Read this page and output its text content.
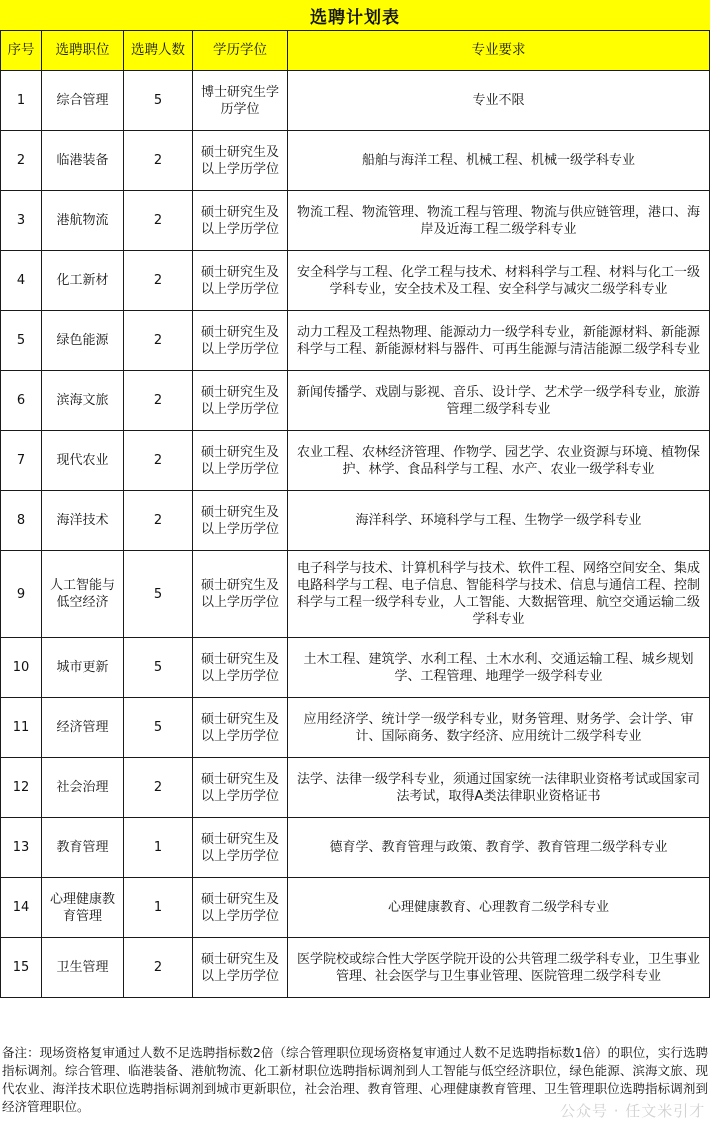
选聘计划表
序号	选聘职位	选聘人数	学历学位	专业要求
1	综合管理	5	博士研究生学历学位	专业不限
2	临港装备	2	硕士研究生及以上学历学位	船舶与海洋工程、机械工程、机械一级学科专业
3	港航物流	2	硕士研究生及以上学历学位	物流工程、物流管理、物流工程与管理、物流与供应链管理，港口、海岸及近海工程二级学科专业
4	化工新材	2	硕士研究生及以上学历学位	安全科学与工程、化学工程与技术、材料科学与工程、材料与化工一级学科专业，安全技术及工程、安全科学与减灾二级学科专业
5	绿色能源	2	硕士研究生及以上学历学位	动力工程及工程热物理、能源动力一级学科专业，新能源材料、新能源科学与工程、新能源材料与器件、可再生能源与清洁能源二级学科专业
6	滨海文旅	2	硕士研究生及以上学历学位	新闻传播学、戏剧与影视、音乐、设计学、艺术学一级学科专业，旅游管理二级学科专业
7	现代农业	2	硕士研究生及以上学历学位	农业工程、农林经济管理、作物学、园艺学、农业资源与环境、植物保护、林学、食品科学与工程、水产、农业一级学科专业
8	海洋技术	2	硕士研究生及以上学历学位	海洋科学、环境科学与工程、生物学一级学科专业
9	人工智能与低空经济	5	硕士研究生及以上学历学位	电子科学与技术、计算机科学与技术、软件工程、网络空间安全、集成电路科学与工程、电子信息、智能科学与技术、信息与通信工程、控制科学与工程一级学科专业，人工智能、大数据管理、航空交通运输二级学科专业
10	城市更新	5	硕士研究生及以上学历学位	土木工程、建筑学、水利工程、土木水利、交通运输工程、城乡规划学、工程管理、地理学一级学科专业
11	经济管理	5	硕士研究生及以上学历学位	应用经济学、统计学一级学科专业，财务管理、财务学、会计学、审计、国际商务、数字经济、应用统计二级学科专业
12	社会治理	2	硕士研究生及以上学历学位	法学、法律一级学科专业，须通过国家统一法律职业资格考试或国家司法考试，取得A类法律职业资格证书
13	教育管理	1	硕士研究生及以上学历学位	德育学、教育管理与政策、教育学、教育管理二级学科专业
14	心理健康教育管理	1	硕士研究生及以上学历学位	心理健康教育、心理教育二级学科专业
15	卫生管理	2	硕士研究生及以上学历学位	医学院校或综合性大学医学院开设的公共管理二级学科专业，卫生事业管理、社会医学与卫生事业管理、医院管理二级学科专业
备注：现场资格复审通过人数不足选聘指标数2倍（综合管理职位现场资格复审通过人数不足选聘指标数1倍）的职位，实行选聘指标调剂。综合管理、临港装备、港航物流、化工新材职位选聘指标调剂到人工智能与低空经济职位，绿色能源、滨海文旅、现代农业、海洋技术职位选聘指标调剂到城市更新职位，社会治理、教育管理、心理健康教育管理、卫生管理职位选聘指标调剂到经济管理职位。	公众号 · 任文米引才
